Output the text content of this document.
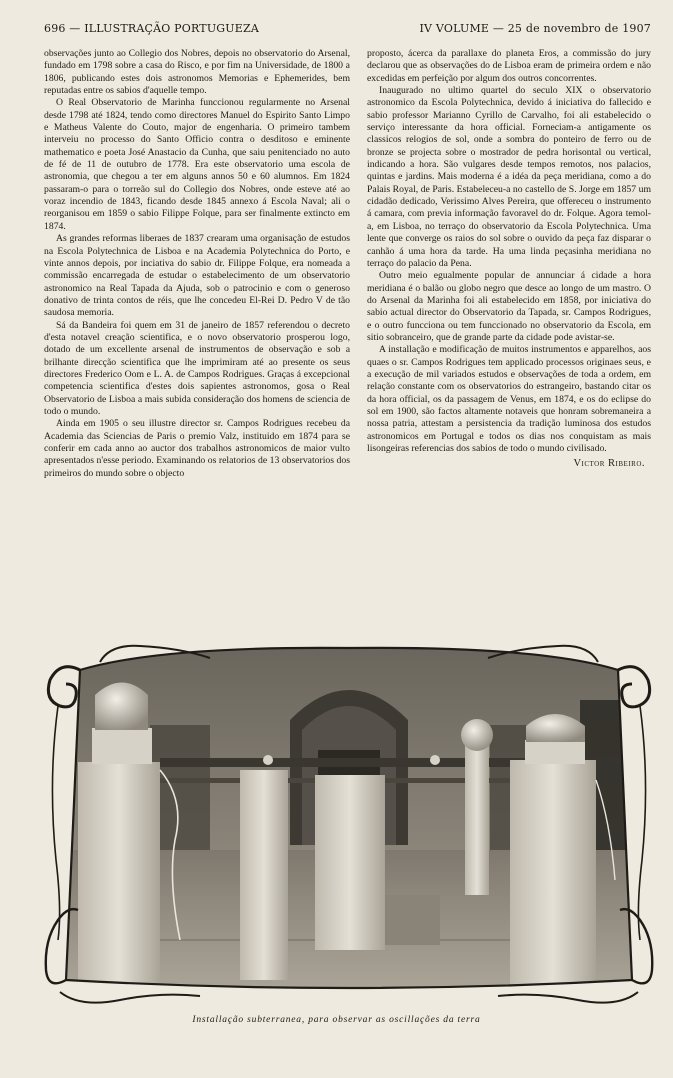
696 — ILLUSTRAÇÃO PORTUGUEZA	IV VOLUME — 25 de novembro de 1907

observações junto ao Collegio dos Nobres, depois no observatorio do Arsenal, fundado em 1798 sobre a casa do Risco, e por fim na Universidade, de 1800 a 1806, publicando estes dois astronomos Memorias e Ephemerides, bem reputadas entre os sabios d'aquelle tempo.

O Real Observatorio de Marinha funccionou regularmente no Arsenal desde 1798 até 1824, tendo como directores Manuel do Espirito Santo Limpo e Matheus Valente do Couto, major de engenharia. O primeiro tambem interveiu no processo do Santo Officio contra o desditoso e eminente mathematico e poeta José Anastacio da Cunha, que saiu penitenciado no auto de fé de 11 de outubro de 1778. Era este observatorio uma escola de astronomia, que chegou a ter em alguns annos 50 e 60 alumnos. Em 1824 passaram-o para o torreão sul do Collegio dos Nobres, onde esteve até ao voraz incendio de 1843, ficando desde 1845 annexo á Escola Naval; ali o reorganisou em 1859 o sabio Filippe Folque, para ser finalmente extincto em 1874.

As grandes reformas liberaes de 1837 crearam uma organisação de estudos na Escola Polytechnica de Lisboa e na Academia Polytechnica do Porto, e vinte annos depois, por inciativa do sabio dr. Filippe Folque, era nomeada a commissão encarregada de estudar o estabelecimento de um observatorio astronomico na Real Tapada da Ajuda, sob o patrocinio e com o generoso donativo de trinta contos de réis, que lhe concedeu El-Rei D. Pedro V de tão saudosa memoria.

Sá da Bandeira foi quem em 31 de janeiro de 1857 referendou o decreto d'esta notavel creação scientifica, e o novo observatorio prosperou logo, dotado de um excellente arsenal de instrumentos de observação e sob a brilhante direcção scientifica que lhe imprimiram até ao presente os seus directores Frederico Oom e L. A. de Campos Rodrigues. Graças á excepcional competencia scientifica d'estes dois sapientes astronomos, gosa o Real Observatorio de Lisboa a mais subida consideração dos homens de sciencia de todo o mundo.

Ainda em 1905 o seu illustre director sr. Campos Rodrigues recebeu da Academia das Sciencias de Paris o premio Valz, instituido em 1874 para se conferir em cada anno ao auctor dos trabalhos astronomicos de maior vulto apresentados n'esse periodo. Examinando os relatorios de 13 observatorios dos primeiros do mundo sobre o objecto

proposto, ácerca da parallaxe do planeta Eros, a commissão do jury declarou que as observações do de Lisboa eram de primeira ordem e não excedidas em perfeição por algum dos outros concorrentes.

Inaugurado no ultimo quartel do seculo XIX o observatorio astronomico da Escola Polytechnica, devido á iniciativa do fallecido e sabio professor Marianno Cyrillo de Carvalho, foi ali estabelecido o serviço interessante da hora official. Forneciam-a antigamente os classicos relogios de sol, onde a sombra do ponteiro de ferro ou de bronze se projecta sobre o mostrador de pedra horisontal ou vertical, indicando a hora. São vulgares desde tempos remotos, nos palacios, quintas e jardins. Mais moderna é a idéa da peça meridiana, como a do Palais Royal, de Paris. Estabeleceu-a no castello de S. Jorge em 1857 um cidadão dedicado, Verissimo Alves Pereira, que offereceu o instrumento á camara, com previa informação favoravel do dr. Folque. Agora temol-a, em Lisboa, no terraço do observatorio da Escola Polytechnica. Uma lente que converge os raios do sol sobre o ouvido da peça faz disparar o canhão á uma hora da tarde. Ha uma linda peçasinha meridiana no terraço do palacio da Pena.

Outro meio egualmente popular de annunciar á cidade a hora meridiana é o balão ou globo negro que desce ao longo de um mastro. O do Arsenal da Marinha foi ali estabelecido em 1858, por iniciativa do sabio actual director do Observatorio da Tapada, sr. Campos Rodrigues, e o outro funcciona ou tem funccionado no observatorio da Escola, em sitio sobranceiro, que de grande parte da cidade pode avistar-se.

A installação e modificação de muitos instrumentos e apparelhos, aos quaes o sr. Campos Rodrigues tem applicado processos originaes seus, e a execução de mil variados estudos e observações de toda a ordem, em relação constante com os observatorios do estrangeiro, bastando citar os da hora official, os da passagem de Venus, em 1874, e os do eclipse do sol em 1900, são factos altamente notaveis que honram sobremaneira a nossa patria, attestam a persistencia da tradição luminosa dos estudos astronomicos em Portugal e todos os dias nos conquistam as mais lisongeiras referencias dos sabios de todo o mundo civilisado.

Victor Ribeiro.
Installação subterranea, para observar as oscillações da terra
